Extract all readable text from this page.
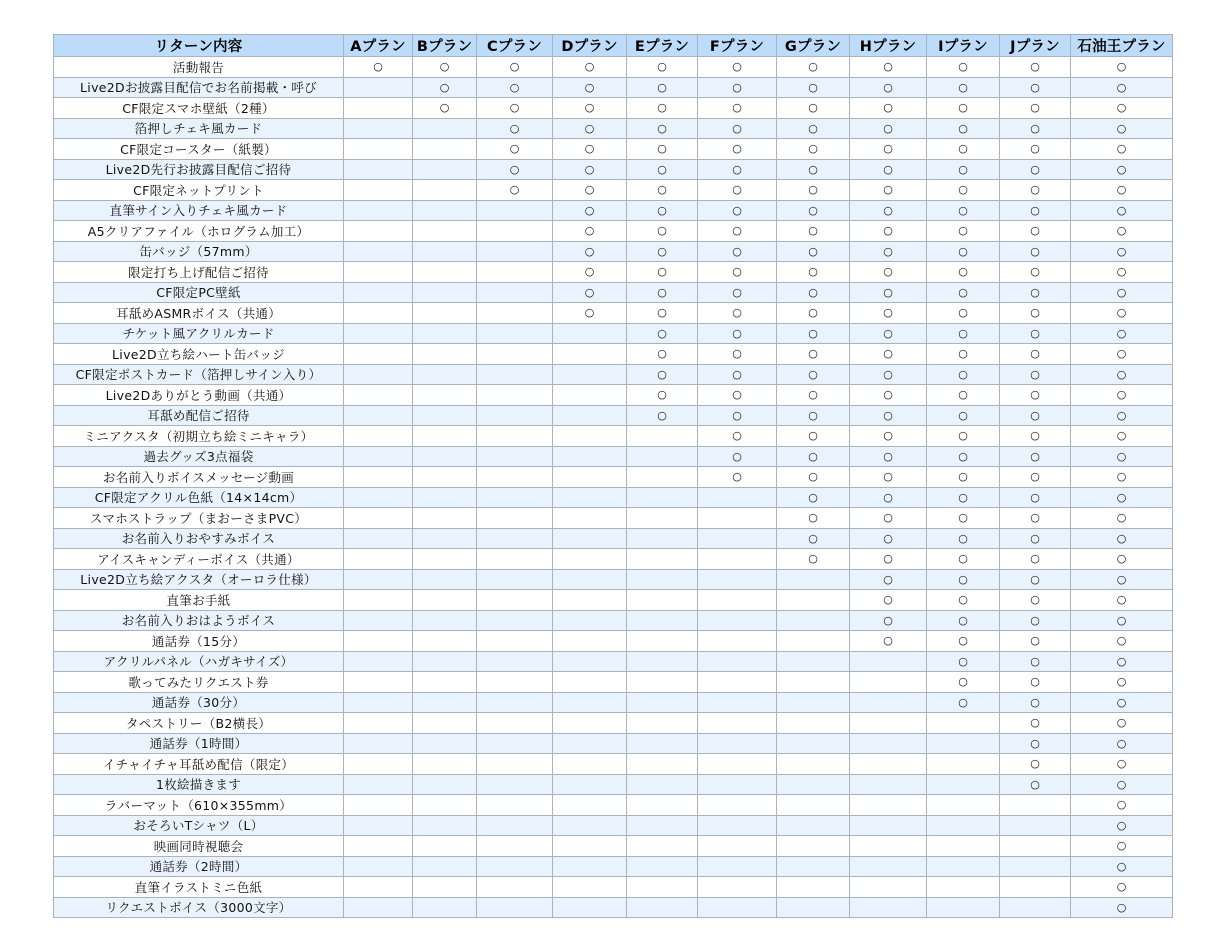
リターン内容	Aプラン	Bプラン	Cプラン	Dプラン	Eプラン	Fプラン	Gプラン	Hプラン	Iプラン	Jプラン	石油王プラン
活動報告	○	○	○	○	○	○	○	○	○	○	○
Live2Dお披露目配信でお名前掲載・呼び		○	○	○	○	○	○	○	○	○	○
CF限定スマホ壁紙（2種）		○	○	○	○	○	○	○	○	○	○
箔押しチェキ風カード			○	○	○	○	○	○	○	○	○
CF限定コースター（紙製）			○	○	○	○	○	○	○	○	○
Live2D先行お披露目配信ご招待			○	○	○	○	○	○	○	○	○
CF限定ネットプリント			○	○	○	○	○	○	○	○	○
直筆サイン入りチェキ風カード				○	○	○	○	○	○	○	○
A5クリアファイル（ホログラム加工）				○	○	○	○	○	○	○	○
缶バッジ（57mm）				○	○	○	○	○	○	○	○
限定打ち上げ配信ご招待				○	○	○	○	○	○	○	○
CF限定PC壁紙				○	○	○	○	○	○	○	○
耳舐めASMRボイス（共通）				○	○	○	○	○	○	○	○
チケット風アクリルカード					○	○	○	○	○	○	○
Live2D立ち絵ハート缶バッジ					○	○	○	○	○	○	○
CF限定ポストカード（箔押しサイン入り）					○	○	○	○	○	○	○
Live2Dありがとう動画（共通）					○	○	○	○	○	○	○
耳舐め配信ご招待					○	○	○	○	○	○	○
ミニアクスタ（初期立ち絵ミニキャラ）						○	○	○	○	○	○
過去グッズ3点福袋						○	○	○	○	○	○
お名前入りボイスメッセージ動画						○	○	○	○	○	○
CF限定アクリル色紙（14×14cm）							○	○	○	○	○
スマホストラップ（まおーさまPVC）							○	○	○	○	○
お名前入りおやすみボイス							○	○	○	○	○
アイスキャンディーボイス（共通）							○	○	○	○	○
Live2D立ち絵アクスタ（オーロラ仕様）								○	○	○	○
直筆お手紙								○	○	○	○
お名前入りおはようボイス								○	○	○	○
通話券（15分）								○	○	○	○
アクリルパネル（ハガキサイズ）									○	○	○
歌ってみたリクエスト券									○	○	○
通話券（30分）									○	○	○
タペストリー（B2横長）										○	○
通話券（1時間）										○	○
イチャイチャ耳舐め配信（限定）										○	○
1枚絵描きます										○	○
ラバーマット（610×355mm）											○
おそろいTシャツ（L）											○
映画同時視聴会											○
通話券（2時間）											○
直筆イラストミニ色紙											○
リクエストボイス（3000文字）											○
